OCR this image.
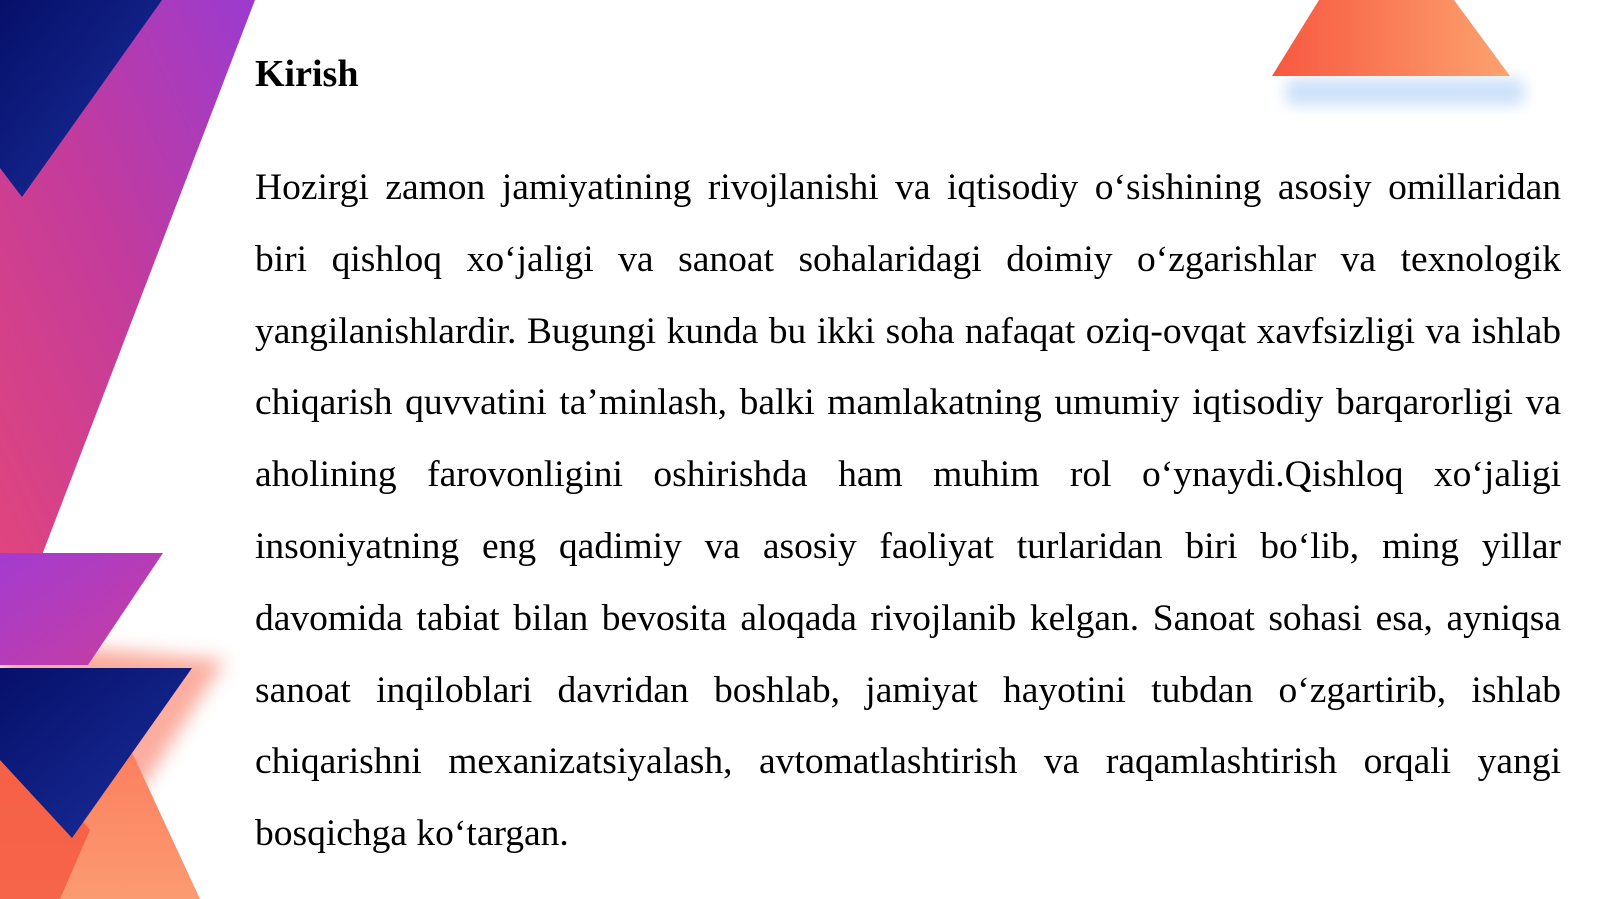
Kirish

Hozirgi zamon jamiyatining rivojlanishi va iqtisodiy o‘sishining asosiy omillaridan biri qishloq xo‘jaligi va sanoat sohalaridagi doimiy o‘zgarishlar va texnologik yangilanishlardir. Bugungi kunda bu ikki soha nafaqat oziq-ovqat xavfsizligi va ishlab chiqarish quvvatini ta’minlash, balki mamlakatning umumiy iqtisodiy barqarorligi va aholining farovonligini oshirishda ham muhim rol o‘ynaydi.Qishloq xo‘jaligi insoniyatning eng qadimiy va asosiy faoliyat turlaridan biri bo‘lib, ming yillar davomida tabiat bilan bevosita aloqada rivojlanib kelgan. Sanoat sohasi esa, ayniqsa sanoat inqiloblari davridan boshlab, jamiyat hayotini tubdan o‘zgartirib, ishlab chiqarishni mexanizatsiyalash, avtomatlashtirish va raqamlashtirish orqali yangi bosqichga ko‘targan.
